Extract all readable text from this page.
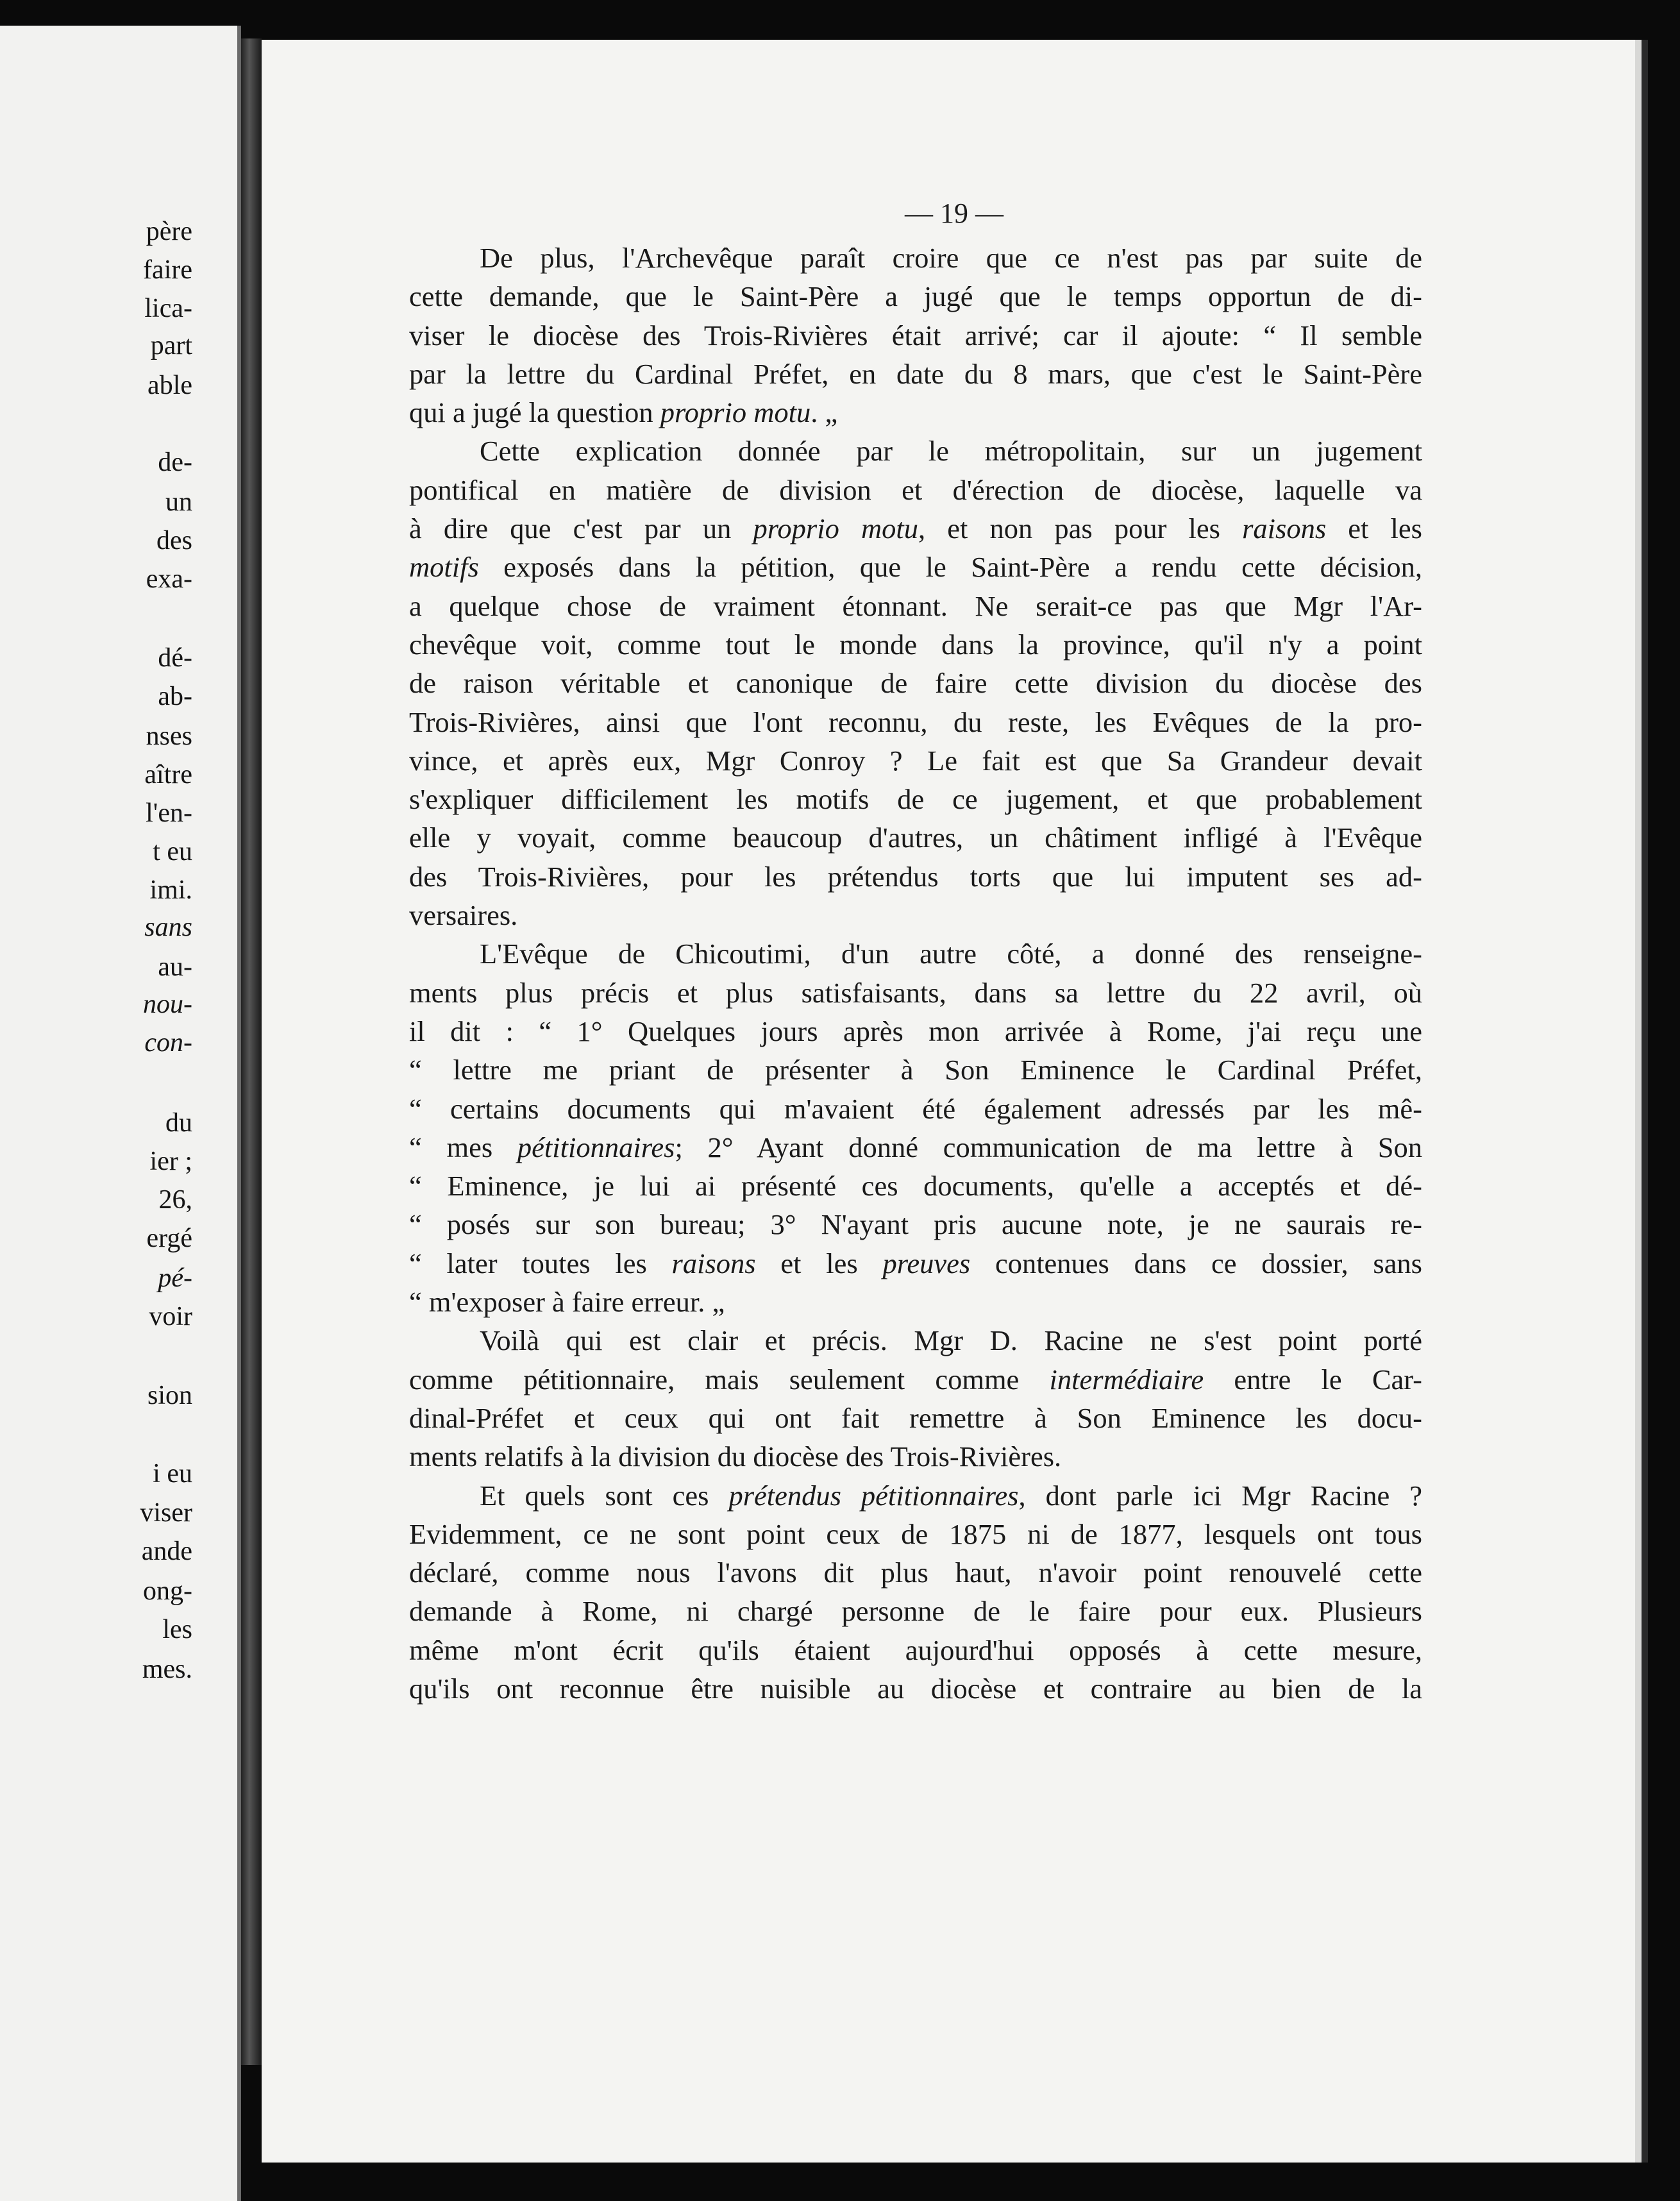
père
faire
lica-
part
able
de-
un
des
exa-
dé-
ab-
nses
aître
l'en-
t eu
imi.
sans
au-
nou-
con-
du
ier ;
26,
ergé
pé-
voir
sion
i eu
viser
ande
ong-
les
mes.
— 19 —
De plus, l'Archevêque paraît croire que ce n'est pas par suite de
cette demande, que le Saint-Père a jugé que le temps opportun de di-
viser le diocèse des Trois-Rivières était arrivé; car il ajoute: “ Il semble
par la lettre du Cardinal Préfet, en date du 8 mars, que c'est le Saint-Père
qui a jugé la question proprio motu. „
Cette explication donnée par le métropolitain, sur un jugement
pontifical en matière de division et d'érection de diocèse, laquelle va
à dire que c'est par un proprio motu, et non pas pour les raisons et les
motifs exposés dans la pétition, que le Saint-Père a rendu cette décision,
a quelque chose de vraiment étonnant. Ne serait-ce pas que Mgr l'Ar-
chevêque voit, comme tout le monde dans la province, qu'il n'y a point
de raison véritable et canonique de faire cette division du diocèse des
Trois-Rivières, ainsi que l'ont reconnu, du reste, les Evêques de la pro-
vince, et après eux, Mgr Conroy ? Le fait est que Sa Grandeur devait
s'expliquer difficilement les motifs de ce jugement, et que probablement
elle y voyait, comme beaucoup d'autres, un châtiment infligé à l'Evêque
des Trois-Rivières, pour les prétendus torts que lui imputent ses ad-
versaires.
L'Evêque de Chicoutimi, d'un autre côté, a donné des renseigne-
ments plus précis et plus satisfaisants, dans sa lettre du 22 avril, où
il dit : “ 1° Quelques jours après mon arrivée à Rome, j'ai reçu une
“ lettre me priant de présenter à Son Eminence le Cardinal Préfet,
“ certains documents qui m'avaient été également adressés par les mê-
“ mes pétitionnaires; 2° Ayant donné communication de ma lettre à Son
“ Eminence, je lui ai présenté ces documents, qu'elle a acceptés et dé-
“ posés sur son bureau; 3° N'ayant pris aucune note, je ne saurais re-
“ later toutes les raisons et les preuves contenues dans ce dossier, sans
“ m'exposer à faire erreur. „
Voilà qui est clair et précis. Mgr D. Racine ne s'est point porté
comme pétitionnaire, mais seulement comme intermédiaire entre le Car-
dinal-Préfet et ceux qui ont fait remettre à Son Eminence les docu-
ments relatifs à la division du diocèse des Trois-Rivières.
Et quels sont ces prétendus pétitionnaires, dont parle ici Mgr Racine ?
Evidemment, ce ne sont point ceux de 1875 ni de 1877, lesquels ont tous
déclaré, comme nous l'avons dit plus haut, n'avoir point renouvelé cette
demande à Rome, ni chargé personne de le faire pour eux. Plusieurs
même m'ont écrit qu'ils étaient aujourd'hui opposés à cette mesure,
qu'ils ont reconnue être nuisible au diocèse et contraire au bien de la
